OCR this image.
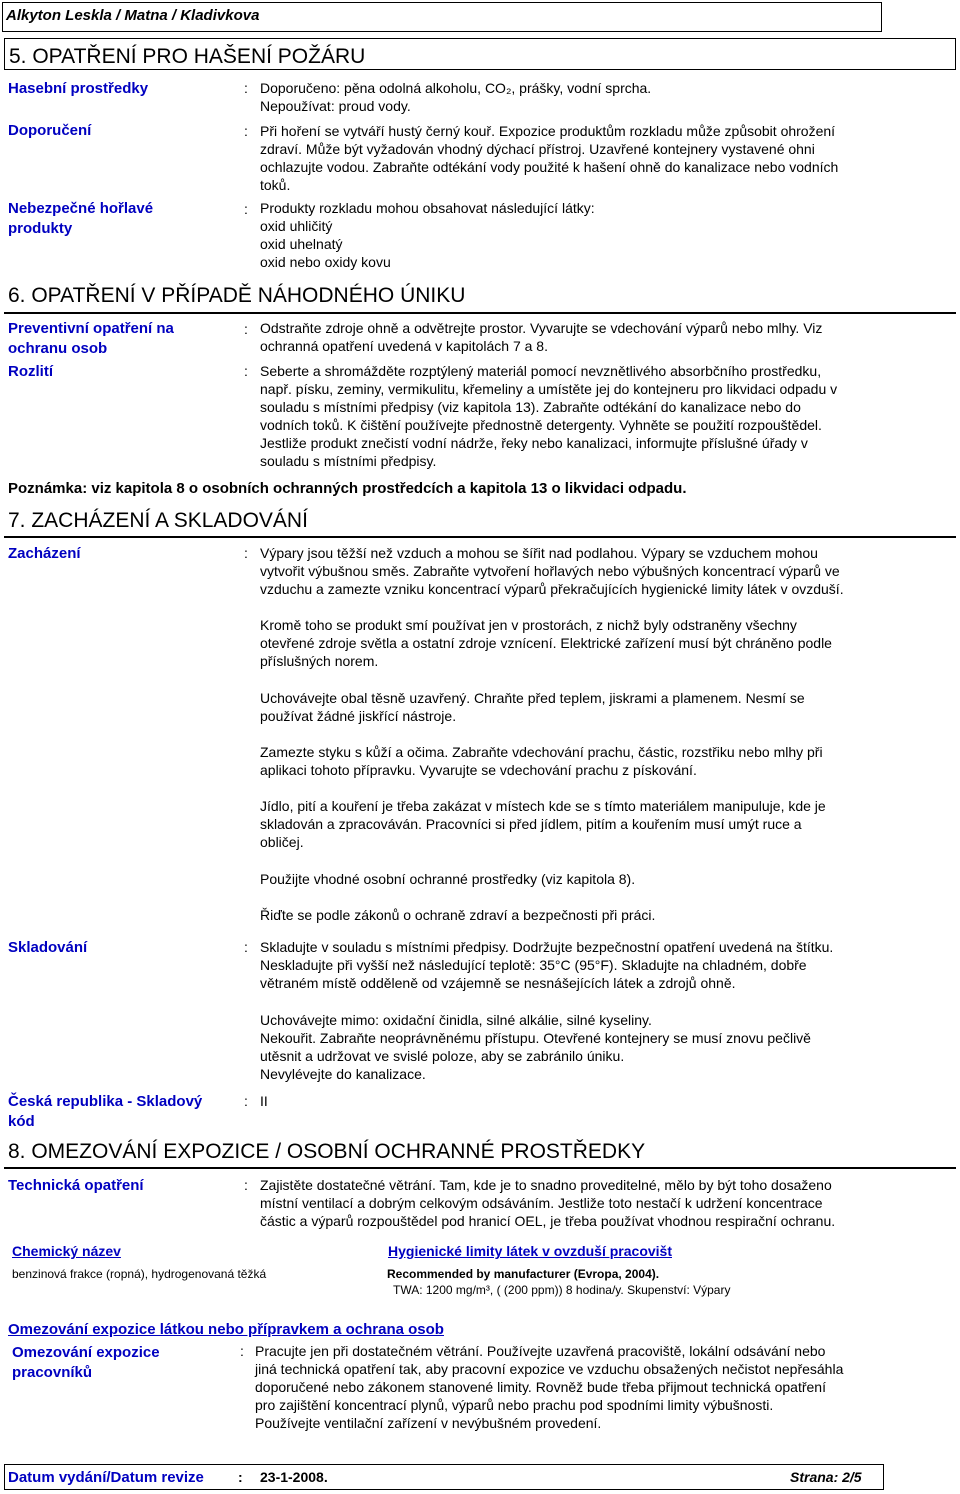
Alkyton Leskla / Matna / Kladivkova
5. OPATŘENÍ PRO HAŠENÍ POŽÁRU
Hasební prostředky	: Doporučeno: pěna odolná alkoholu, CO₂, prášky, vodní sprcha.
Nepoužívat: proud vody.
Doporučení	: Při hoření se vytváří hustý černý kouř. Expozice produktům rozkladu může způsobit ohrožení
zdraví. Může být vyžadován vhodný dýchací přístroj. Uzavřené kontejnery vystavené ohni
ochlazujte vodou. Zabraňte odtékání vody použité k hašení ohně do kanalizace nebo vodních
toků.
Nebezpečné hořlavé
produkty
: Produkty rozkladu mohou obsahovat následující látky:
oxid uhličitý
oxid uhelnatý
oxid nebo oxidy kovu
6. OPATŘENÍ V PŘÍPADĚ NÁHODNÉHO ÚNIKU
Preventivní opatření na
ochranu osob
: Odstraňte zdroje ohně a odvětrejte prostor. Vyvarujte se vdechování výparů nebo mlhy. Viz
ochranná opatření uvedená v kapitolách 7 a 8.
Rozlití	: Seberte a shromážděte rozptýlený materiál pomocí nevznětlivého absorbčního prostředku,
např. písku, zeminy, vermikulitu, křemeliny a umístěte jej do kontejneru pro likvidaci odpadu v
souladu s místními předpisy (viz kapitola 13). Zabraňte odtékání do kanalizace nebo do
vodních toků. K čištění používejte přednostně detergenty. Vyhněte se použití rozpouštědel.
Jestliže produkt znečistí vodní nádrže, řeky nebo kanalizaci, informujte příslušné úřady v
souladu s místními předpisy.
Poznámka: viz kapitola 8 o osobních ochranných prostředcích a kapitola 13 o likvidaci odpadu.
7. ZACHÁZENÍ A SKLADOVÁNÍ
Zacházení	: Výpary jsou těžší než vzduch a mohou se šířit nad podlahou. Výpary se vzduchem mohou
vytvořit výbušnou směs. Zabraňte vytvoření hořlavých nebo výbušných koncentrací výparů ve
vzduchu a zamezte vzniku koncentrací výparů překračujících hygienické limity látek v ovzduší.
Kromě toho se produkt smí používat jen v prostorách, z nichž byly odstraněny všechny
otevřené zdroje světla a ostatní zdroje vznícení. Elektrické zařízení musí být chráněno podle
příslušných norem.
Uchovávejte obal těsně uzavřený. Chraňte před teplem, jiskrami a plamenem. Nesmí se
používat žádné jiskřící nástroje.
Zamezte styku s kůží a očima. Zabraňte vdechování prachu, částic, rozstřiku nebo mlhy při
aplikaci tohoto přípravku. Vyvarujte se vdechování prachu z pískování.
Jídlo, pití a kouření je třeba zakázat v místech kde se s tímto materiálem manipuluje, kde je
skladován a zpracováván. Pracovníci si před jídlem, pitím a kouřením musí umýt ruce a
obličej.
Použijte vhodné osobní ochranné prostředky (viz kapitola 8).
Řiďte se podle zákonů o ochraně zdraví a bezpečnosti při práci.
Skladování	: Skladujte v souladu s místními předpisy. Dodržujte bezpečnostní opatření uvedená na štítku.
Neskladujte při vyšší než následující teplotě: 35°C (95°F). Skladujte na chladném, dobře
větraném místě odděleně od vzájemně se nesnášejících látek a zdrojů ohně.
Uchovávejte mimo: oxidační činidla, silné alkálie, silné kyseliny.
Nekouřit. Zabraňte neoprávněnému přístupu. Otevřené kontejnery se musí znovu pečlivě
utěsnit a udržovat ve svislé poloze, aby se zabránilo úniku.
Nevylévejte do kanalizace.
Česká republika - Skladový
kód
: II
8. OMEZOVÁNÍ EXPOZICE / OSOBNÍ OCHRANNÉ PROSTŘEDKY
Technická opatření	: Zajistěte dostatečné větrání. Tam, kde je to snadno proveditelné, mělo by být toho dosaženo
místní ventilací a dobrým celkovým odsáváním. Jestliže toto nestačí k udržení koncentrace
částic a výparů rozpouštědel pod hranicí OEL, je třeba používat vhodnou respirační ochranu.
Chemický název	Hygienické limity látek v ovzduší pracovišt
benzinová frakce (ropná), hydrogenovaná těžká	Recommended by manufacturer (Evropa, 2004).
TWA: 1200 mg/m³, ( (200 ppm)) 8 hodina/y. Skupenství: Výpary
Omezování expozice látkou nebo přípravkem a ochrana osob
Omezování expozice
pracovníků
: Pracujte jen při dostatečném větrání. Používejte uzavřená pracoviště, lokální odsávání nebo
jiná technická opatření tak, aby pracovní expozice ve vzduchu obsažených nečistot nepřesáhla
doporučené nebo zákonem stanovené limity. Rovněž bude třeba přijmout technická opatření
pro zajištění koncentrací plynů, výparů nebo prachu pod spodními limity výbušnosti.
Používejte ventilační zařízení v nevýbušném provedení.
Datum vydání/Datum revize : 23-1-2008.	Strana: 2/5
